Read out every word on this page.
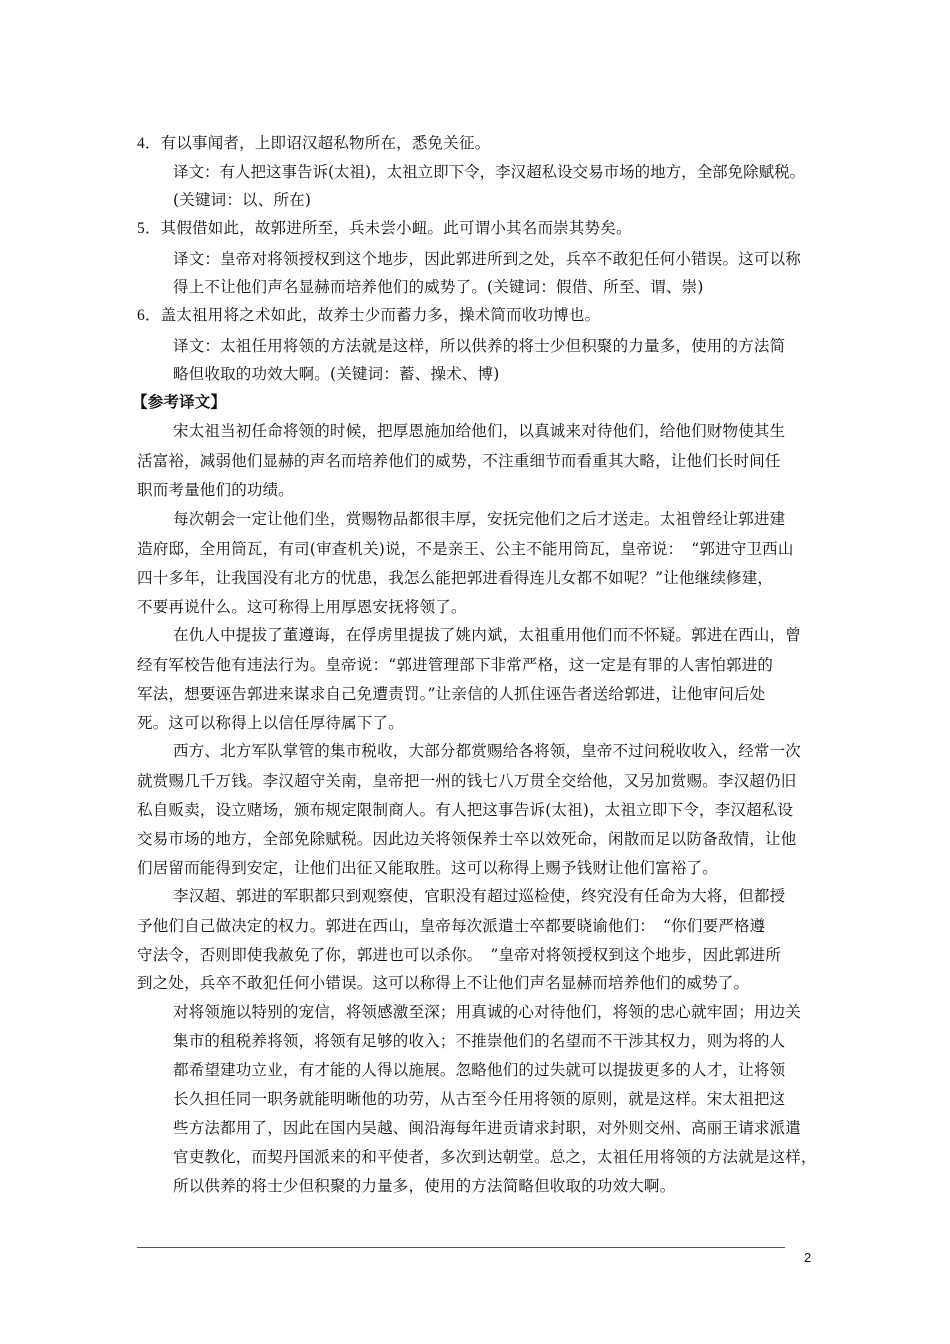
4．有以事闻者，上即诏汉超私物所在，悉免关征。
译文：有人把这事告诉(太祖)，太祖立即下令，李汉超私设交易市场的地方，全部免除赋税。
(关键词：以、所在)
5．其假借如此，故郭进所至，兵未尝小衄。此可谓小其名而崇其势矣。
译文：皇帝对将领授权到这个地步，因此郭进所到之处，兵卒不敢犯任何小错误。这可以称
得上不让他们声名显赫而培养他们的威势了。(关键词：假借、所至、谓、崇)
6．盖太祖用将之术如此，故养士少而蓄力多，操术简而收功博也。
译文：太祖任用将领的方法就是这样，所以供养的将士少但积聚的力量多，使用的方法简
略但收取的功效大啊。(关键词：蓄、操术、博)
【参考译文】
宋太祖当初任命将领的时候，把厚恩施加给他们，以真诚来对待他们，给他们财物使其生
活富裕，减弱他们显赫的声名而培养他们的威势，不注重细节而看重其大略，让他们长时间任
职而考量他们的功绩。
每次朝会一定让他们坐，赏赐物品都很丰厚，安抚完他们之后才送走。太祖曾经让郭进建
造府邸，全用筒瓦，有司(审查机关)说，不是亲王、公主不能用筒瓦，皇帝说：　“郭进守卫西山
四十多年，让我国没有北方的忧患，我怎么能把郭进看得连儿女都不如呢？”让他继续修建，
不要再说什么。这可称得上用厚恩安抚将领了。
在仇人中提拔了董遵诲，在俘虏里提拔了姚内斌，太祖重用他们而不怀疑。郭进在西山，曾
经有军校告他有违法行为。皇帝说：“郭进管理部下非常严格，这一定是有罪的人害怕郭进的
军法，想要诬告郭进来谋求自己免遭责罚。”让亲信的人抓住诬告者送给郭进，让他审问后处
死。这可以称得上以信任厚待属下了。
西方、北方军队掌管的集市税收，大部分都赏赐给各将领，皇帝不过问税收收入，经常一次
就赏赐几千万钱。李汉超守关南，皇帝把一州的钱七八万贯全交给他，又另加赏赐。李汉超仍旧
私自贩卖，设立赌场，颁布规定限制商人。有人把这事告诉(太祖)，太祖立即下令，李汉超私设
交易市场的地方，全部免除赋税。因此边关将领保养士卒以效死命，闲散而足以防备敌情，让他
们居留而能得到安定，让他们出征又能取胜。这可以称得上赐予钱财让他们富裕了。
李汉超、郭进的军职都只到观察使，官职没有超过巡检使，终究没有任命为大将，但都授
予他们自己做决定的权力。郭进在西山，皇帝每次派遣士卒都要晓谕他们：　“你们要严格遵
守法令，否则即使我赦免了你，郭进也可以杀你。　”皇帝对将领授权到这个地步，因此郭进所
到之处，兵卒不敢犯任何小错误。这可以称得上不让他们声名显赫而培养他们的威势了。
对将领施以特别的宠信，将领感激至深；用真诚的心对待他们，将领的忠心就牢固；用边关
集市的租税养将领，将领有足够的收入；不推崇他们的名望而不干涉其权力，则为将的人
都希望建功立业，有才能的人得以施展。忽略他们的过失就可以提拔更多的人才，让将领
长久担任同一职务就能明晰他的功劳，从古至今任用将领的原则，就是这样。宋太祖把这
些方法都用了，因此在国内吴越、闽沿海每年进贡请求封职，对外则交州、高丽王请求派遣
官吏教化，而契丹国派来的和平使者，多次到达朝堂。总之，太祖任用将领的方法就是这样，
所以供养的将士少但积聚的力量多，使用的方法简略但收取的功效大啊。
2
